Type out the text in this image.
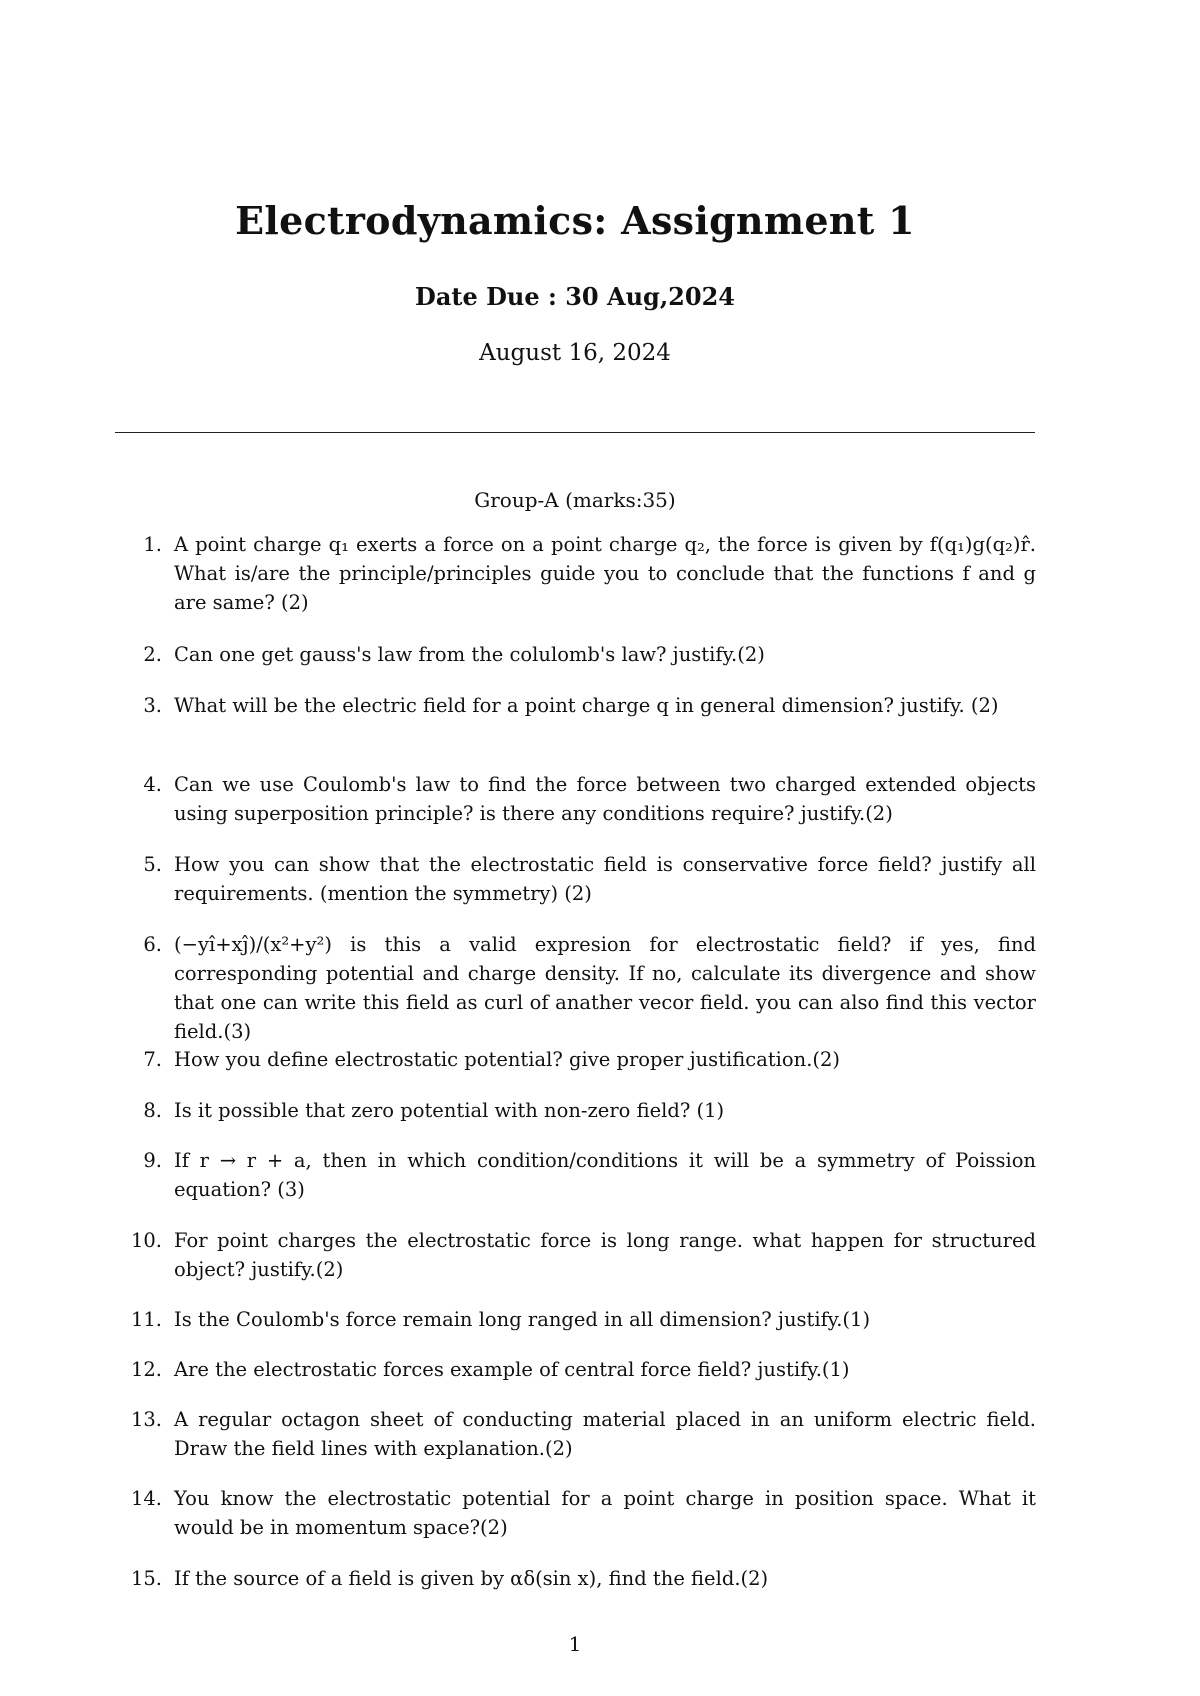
Electrodynamics: Assignment 1
Date Due : 30 Aug,2024
August 16, 2024
Group-A (marks:35)
1. A point charge q₁ exerts a force on a point charge q₂, the force is given by f(q₁)g(q₂)r̂. What is/are the principle/principles guide you to conclude that the functions f and g are same? (2)
2. Can one get gauss's law from the colulomb's law? justify.(2)
3. What will be the electric field for a point charge q in general dimension? justify. (2)
4. Can we use Coulomb's law to find the force between two charged extended objects using superposition principle? is there any conditions require? justify.(2)
5. How you can show that the electrostatic field is conservative force field? justify all requirements. (mention the symmetry) (2)
6. (−yî+xĵ)/(x²+y²) is this a valid expresion for electrostatic field? if yes, find corresponding potential and charge density. If no, calculate its divergence and show that one can write this field as curl of anather vecor field. you can also find this vector field.(3)
7. How you define electrostatic potential? give proper justification.(2)
8. Is it possible that zero potential with non-zero field? (1)
9. If r → r + a, then in which condition/conditions it will be a symmetry of Poission equation? (3)
10. For point charges the electrostatic force is long range. what happen for structured object? justify.(2)
11. Is the Coulomb's force remain long ranged in all dimension? justify.(1)
12. Are the electrostatic forces example of central force field? justify.(1)
13. A regular octagon sheet of conducting material placed in an uniform electric field. Draw the field lines with explanation.(2)
14. You know the electrostatic potential for a point charge in position space. What it would be in momentum space?(2)
15. If the source of a field is given by αδ(sin x), find the field.(2)
1
